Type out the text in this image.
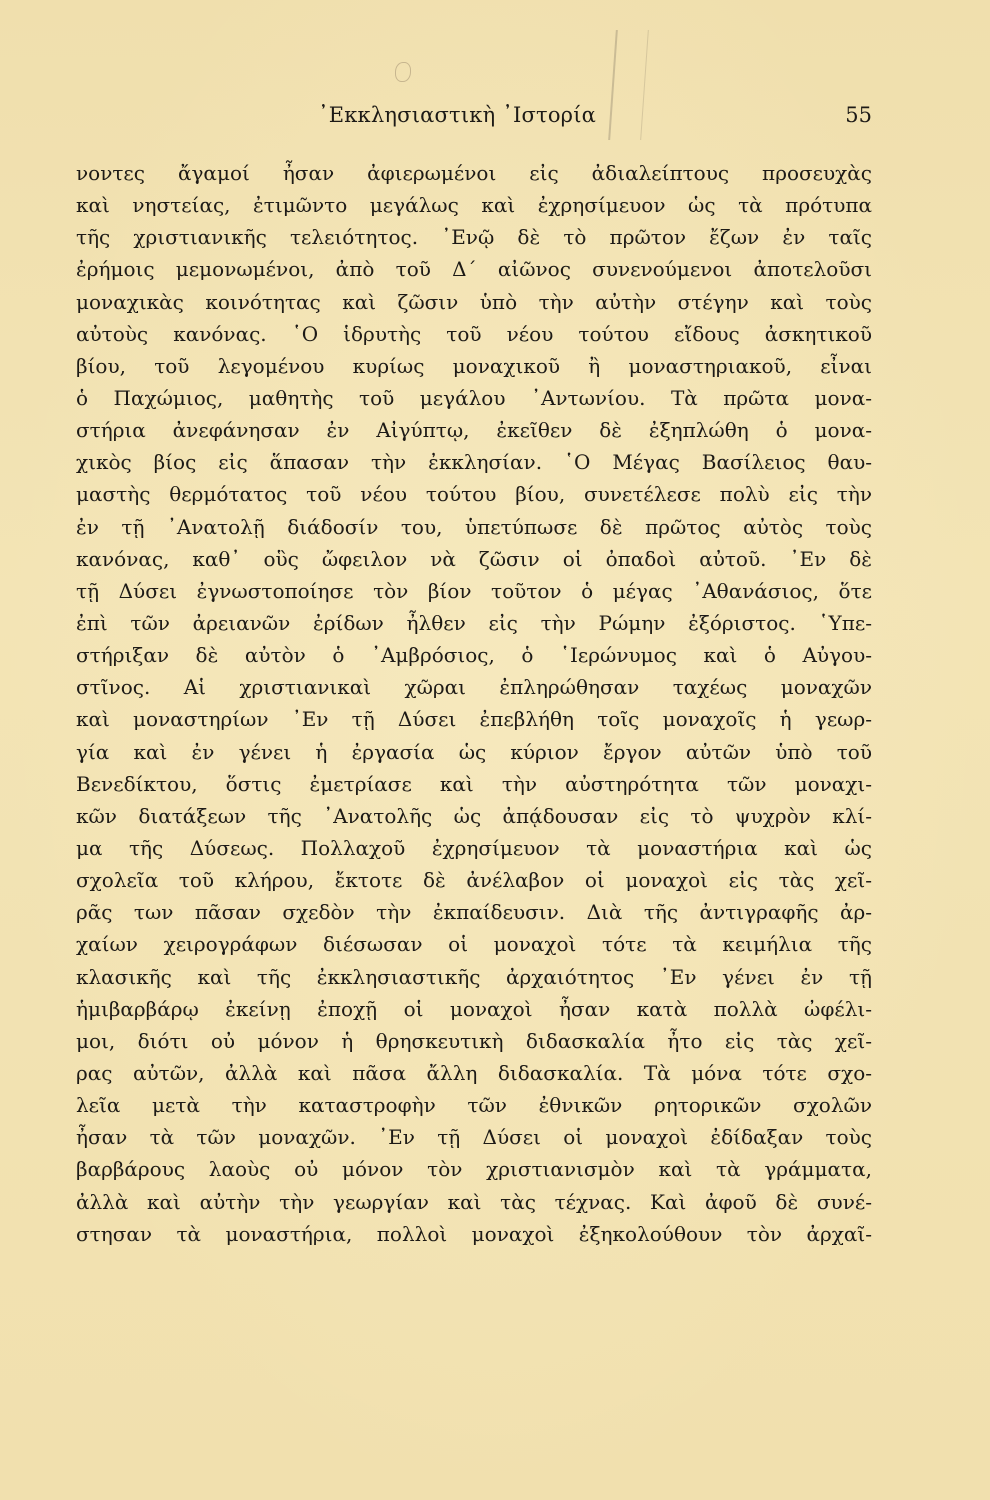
᾿Εκκλησιαστικὴ ᾿Ιστορία	55
νοντες ἄγαμοί ἦσαν ἀφιερωμένοι εἰς ἀδιαλείπτους προσευχὰς
καὶ νηστείας, ἐτιμῶντο μεγάλως καὶ ἐχρησίμευον ὡς τὰ πρότυπα
τῆς χριστιανικῆς τελειότητος. ᾿Ενῷ δὲ τὸ πρῶτον ἔζων ἐν ταῖς
ἐρήμοις μεμονωμένοι, ἀπὸ τοῦ Δ΄ αἰῶνος συνενούμενοι ἀποτελοῦσι
μοναχικὰς κοινότητας καὶ ζῶσιν ὑπὸ τὴν αὐτὴν στέγην καὶ τοὺς
αὐτοὺς κανόνας. ῾Ο ἱδρυτὴς τοῦ νέου τούτου εἴδους ἀσκητικοῦ
βίου, τοῦ λεγομένου κυρίως μοναχικοῦ ἢ μοναστηριακοῦ, εἶναι
ὁ Παχώμιος, μαθητὴς τοῦ μεγάλου ᾿Αντωνίου. Τὰ πρῶτα μονα-
στήρια ἀνεφάνησαν ἐν Αἰγύπτῳ, ἐκεῖθεν δὲ ἐξηπλώθη ὁ μονα-
χικὸς βίος εἰς ἅπασαν τὴν ἐκκλησίαν. ῾Ο Μέγας Βασίλειος θαυ-
μαστὴς θερμότατος τοῦ νέου τούτου βίου, συνετέλεσε πολὺ εἰς τὴν
ἐν τῇ ᾿Ανατολῇ διάδοσίν του, ὑπετύπωσε δὲ πρῶτος αὐτὸς τοὺς
κανόνας, καθ᾿ οὓς ὤφειλον νὰ ζῶσιν οἱ ὀπαδοὶ αὐτοῦ. ᾿Εν δὲ
τῇ Δύσει ἐγνωστοποίησε τὸν βίον τοῦτον ὁ μέγας ᾿Αθανάσιος, ὅτε
ἐπὶ τῶν ἀρειανῶν ἐρίδων ἦλθεν εἰς τὴν Ρώμην ἐξόριστος. ῾Υπε-
στήριξαν δὲ αὐτὸν ὁ ᾿Αμβρόσιος, ὁ ῾Ιερώνυμος καὶ ὁ Αὐγου-
στῖνος. Αἱ χριστιανικαὶ χῶραι ἐπληρώθησαν ταχέως μοναχῶν
καὶ μοναστηρίων ᾿Εν τῇ Δύσει ἐπεβλήθη τοῖς μοναχοῖς ἡ γεωρ-
γία καὶ ἐν γένει ἡ ἐργασία ὡς κύριον ἔργον αὐτῶν ὑπὸ τοῦ
Βενεδίκτου, ὅστις ἐμετρίασε καὶ τὴν αὐστηρότητα τῶν μοναχι-
κῶν διατάξεων τῆς ᾿Ανατολῆς ὡς ἀπᾴδουσαν εἰς τὸ ψυχρὸν κλί-
μα τῆς Δύσεως. Πολλαχοῦ ἐχρησίμευον τὰ μοναστήρια καὶ ὡς
σχολεῖα τοῦ κλήρου, ἔκτοτε δὲ ἀνέλαβον οἱ μοναχοὶ εἰς τὰς χεῖ-
ρᾶς των πᾶσαν σχεδὸν τὴν ἐκπαίδευσιν. Διὰ τῆς ἀντιγραφῆς ἀρ-
χαίων χειρογράφων διέσωσαν οἱ μοναχοὶ τότε τὰ κειμήλια τῆς
κλασικῆς καὶ τῆς ἐκκλησιαστικῆς ἀρχαιότητος ᾿Εν γένει ἐν τῇ
ἡμιβαρβάρῳ ἐκείνῃ ἐποχῇ οἱ μοναχοὶ ἦσαν κατὰ πολλὰ ὠφέλι-
μοι, διότι οὐ μόνον ἡ θρησκευτικὴ διδασκαλία ἦτο εἰς τὰς χεῖ-
ρας αὐτῶν, ἀλλὰ καὶ πᾶσα ἄλλη διδασκαλία. Τὰ μόνα τότε σχο-
λεῖα μετὰ τὴν καταστροφὴν τῶν ἐθνικῶν ρητορικῶν σχολῶν
ἦσαν τὰ τῶν μοναχῶν. ᾿Εν τῇ Δύσει οἱ μοναχοὶ ἐδίδαξαν τοὺς
βαρβάρους λαοὺς οὐ μόνον τὸν χριστιανισμὸν καὶ τὰ γράμματα,
ἀλλὰ καὶ αὐτὴν τὴν γεωργίαν καὶ τὰς τέχνας. Καὶ ἀφοῦ δὲ συνέ-
στησαν τὰ μοναστήρια, πολλοὶ μοναχοὶ ἐξηκολούθουν τὸν ἀρχαῖ-
